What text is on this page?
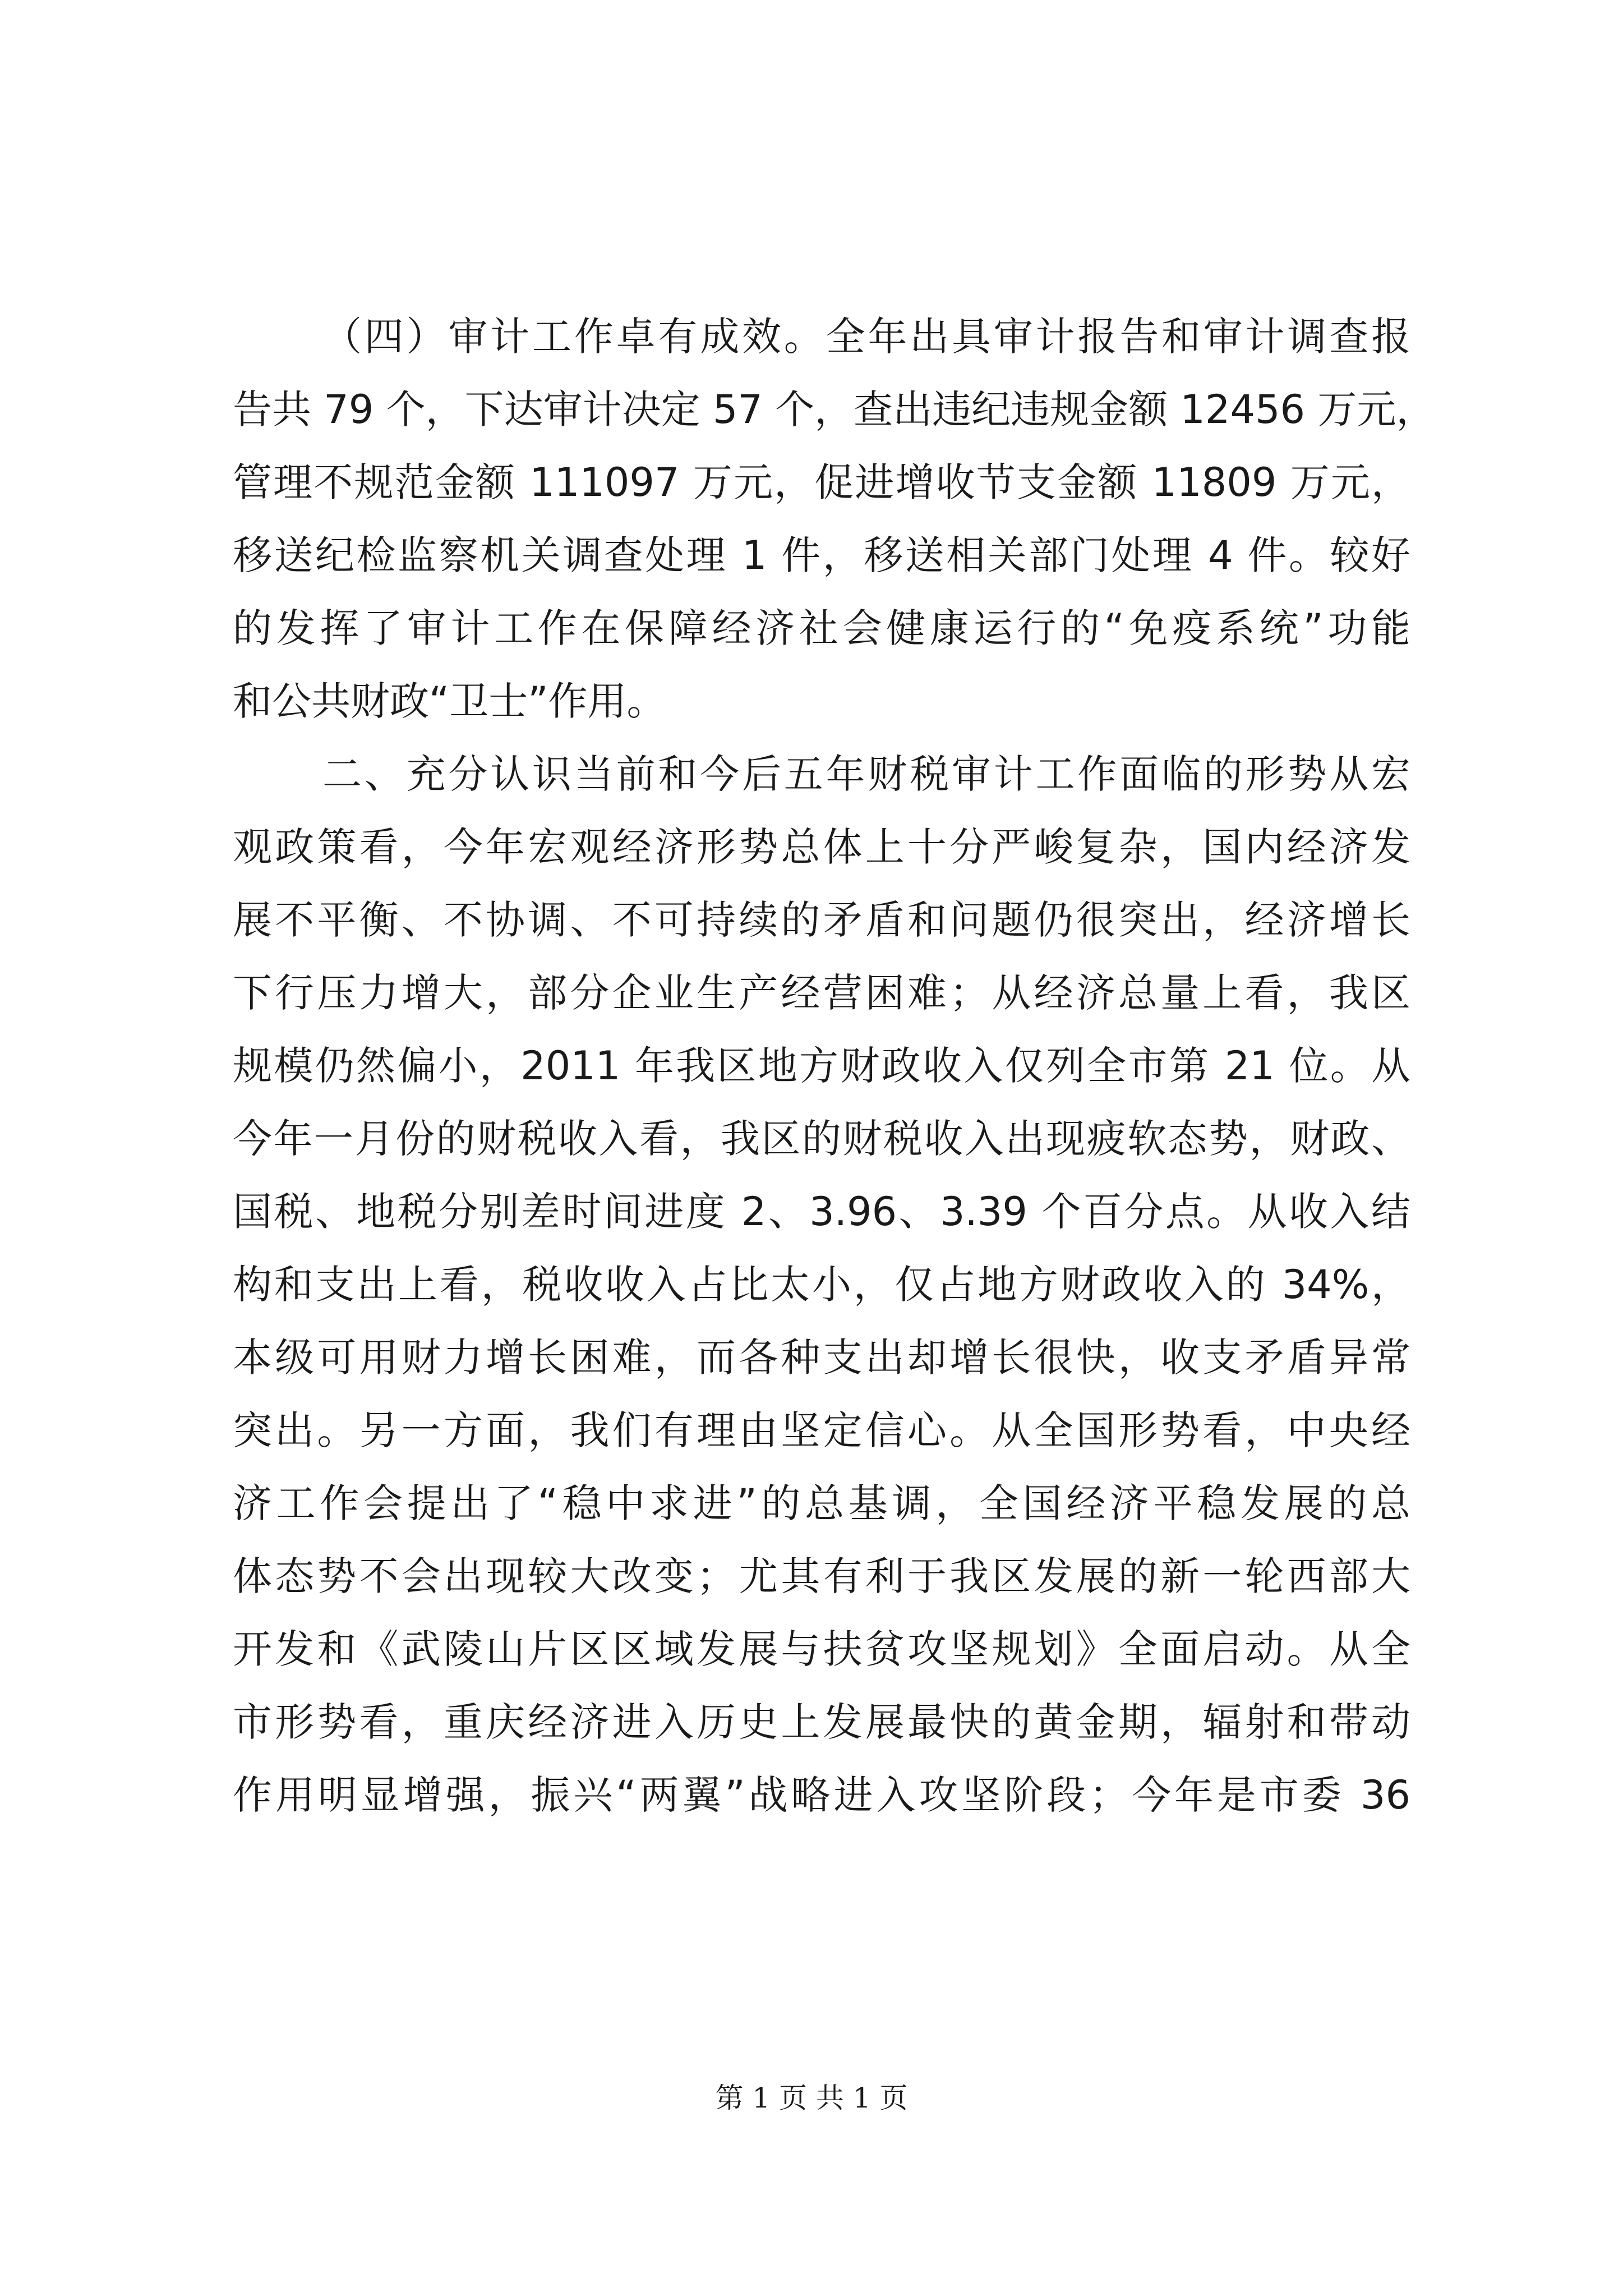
（四）审计工作卓有成效。全年出具审计报告和审计调查报
告共 79 个，下达审计决定 57 个，查出违纪违规金额 12456 万元，
管理不规范金额 111097 万元，促进增收节支金额 11809 万元，
移送纪检监察机关调查处理 1 件，移送相关部门处理 4 件。较好
的发挥了审计工作在保障经济社会健康运行的“免疫系统”功能
和公共财政“卫士”作用。
二、充分认识当前和今后五年财税审计工作面临的形势从宏
观政策看，今年宏观经济形势总体上十分严峻复杂，国内经济发
展不平衡、不协调、不可持续的矛盾和问题仍很突出，经济增长
下行压力增大，部分企业生产经营困难；从经济总量上看，我区
规模仍然偏小，2011 年我区地方财政收入仅列全市第 21 位。从
今年一月份的财税收入看，我区的财税收入出现疲软态势，财政、
国税、地税分别差时间进度 2、3.96、3.39 个百分点。从收入结
构和支出上看，税收收入占比太小，仅占地方财政收入的 34%，
本级可用财力增长困难，而各种支出却增长很快，收支矛盾异常
突出。另一方面，我们有理由坚定信心。从全国形势看，中央经
济工作会提出了“稳中求进”的总基调，全国经济平稳发展的总
体态势不会出现较大改变；尤其有利于我区发展的新一轮西部大
开发和《武陵山片区区域发展与扶贫攻坚规划》全面启动。从全
市形势看，重庆经济进入历史上发展最快的黄金期，辐射和带动
作用明显增强，振兴“两翼”战略进入攻坚阶段；今年是市委 36
第 1 页 共 1 页
